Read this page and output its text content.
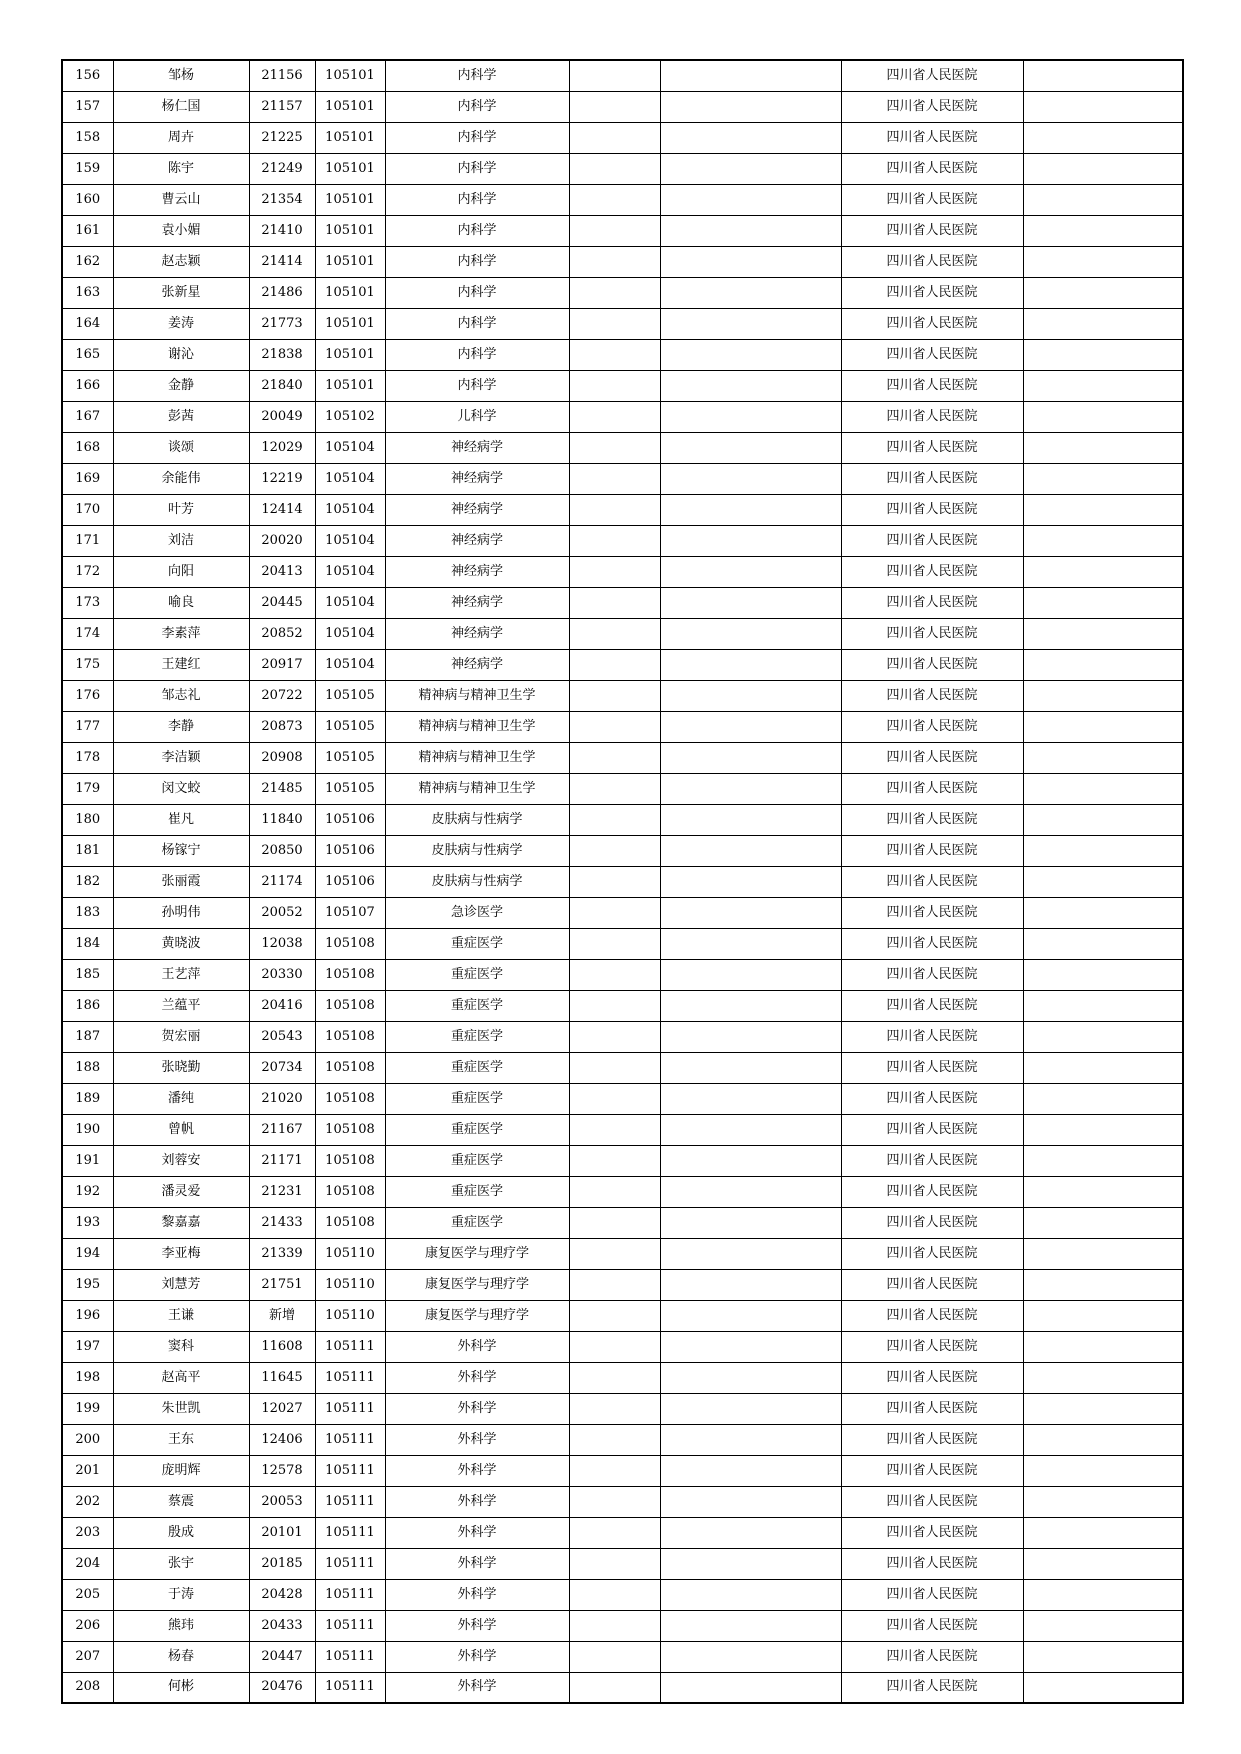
156	邹杨	21156	105101	内科学			四川省人民医院	
157	杨仁国	21157	105101	内科学			四川省人民医院	
158	周卉	21225	105101	内科学			四川省人民医院	
159	陈宇	21249	105101	内科学			四川省人民医院	
160	曹云山	21354	105101	内科学			四川省人民医院	
161	袁小媚	21410	105101	内科学			四川省人民医院	
162	赵志颖	21414	105101	内科学			四川省人民医院	
163	张新星	21486	105101	内科学			四川省人民医院	
164	姜涛	21773	105101	内科学			四川省人民医院	
165	谢沁	21838	105101	内科学			四川省人民医院	
166	金静	21840	105101	内科学			四川省人民医院	
167	彭茜	20049	105102	儿科学			四川省人民医院	
168	谈颂	12029	105104	神经病学			四川省人民医院	
169	余能伟	12219	105104	神经病学			四川省人民医院	
170	叶芳	12414	105104	神经病学			四川省人民医院	
171	刘洁	20020	105104	神经病学			四川省人民医院	
172	向阳	20413	105104	神经病学			四川省人民医院	
173	喻良	20445	105104	神经病学			四川省人民医院	
174	李素萍	20852	105104	神经病学			四川省人民医院	
175	王建红	20917	105104	神经病学			四川省人民医院	
176	邹志礼	20722	105105	精神病与精神卫生学			四川省人民医院	
177	李静	20873	105105	精神病与精神卫生学			四川省人民医院	
178	李洁颖	20908	105105	精神病与精神卫生学			四川省人民医院	
179	闵文蛟	21485	105105	精神病与精神卫生学			四川省人民医院	
180	崔凡	11840	105106	皮肤病与性病学			四川省人民医院	
181	杨镓宁	20850	105106	皮肤病与性病学			四川省人民医院	
182	张丽霞	21174	105106	皮肤病与性病学			四川省人民医院	
183	孙明伟	20052	105107	急诊医学			四川省人民医院	
184	黄晓波	12038	105108	重症医学			四川省人民医院	
185	王艺萍	20330	105108	重症医学			四川省人民医院	
186	兰蕴平	20416	105108	重症医学			四川省人民医院	
187	贺宏丽	20543	105108	重症医学			四川省人民医院	
188	张晓勤	20734	105108	重症医学			四川省人民医院	
189	潘纯	21020	105108	重症医学			四川省人民医院	
190	曾帆	21167	105108	重症医学			四川省人民医院	
191	刘蓉安	21171	105108	重症医学			四川省人民医院	
192	潘灵爱	21231	105108	重症医学			四川省人民医院	
193	黎嘉嘉	21433	105108	重症医学			四川省人民医院	
194	李亚梅	21339	105110	康复医学与理疗学			四川省人民医院	
195	刘慧芳	21751	105110	康复医学与理疗学			四川省人民医院	
196	王谦	新增	105110	康复医学与理疗学			四川省人民医院	
197	窦科	11608	105111	外科学			四川省人民医院	
198	赵高平	11645	105111	外科学			四川省人民医院	
199	朱世凯	12027	105111	外科学			四川省人民医院	
200	王东	12406	105111	外科学			四川省人民医院	
201	庞明辉	12578	105111	外科学			四川省人民医院	
202	蔡震	20053	105111	外科学			四川省人民医院	
203	殷成	20101	105111	外科学			四川省人民医院	
204	张宇	20185	105111	外科学			四川省人民医院	
205	于涛	20428	105111	外科学			四川省人民医院	
206	熊玮	20433	105111	外科学			四川省人民医院	
207	杨春	20447	105111	外科学			四川省人民医院	
208	何彬	20476	105111	外科学			四川省人民医院	
